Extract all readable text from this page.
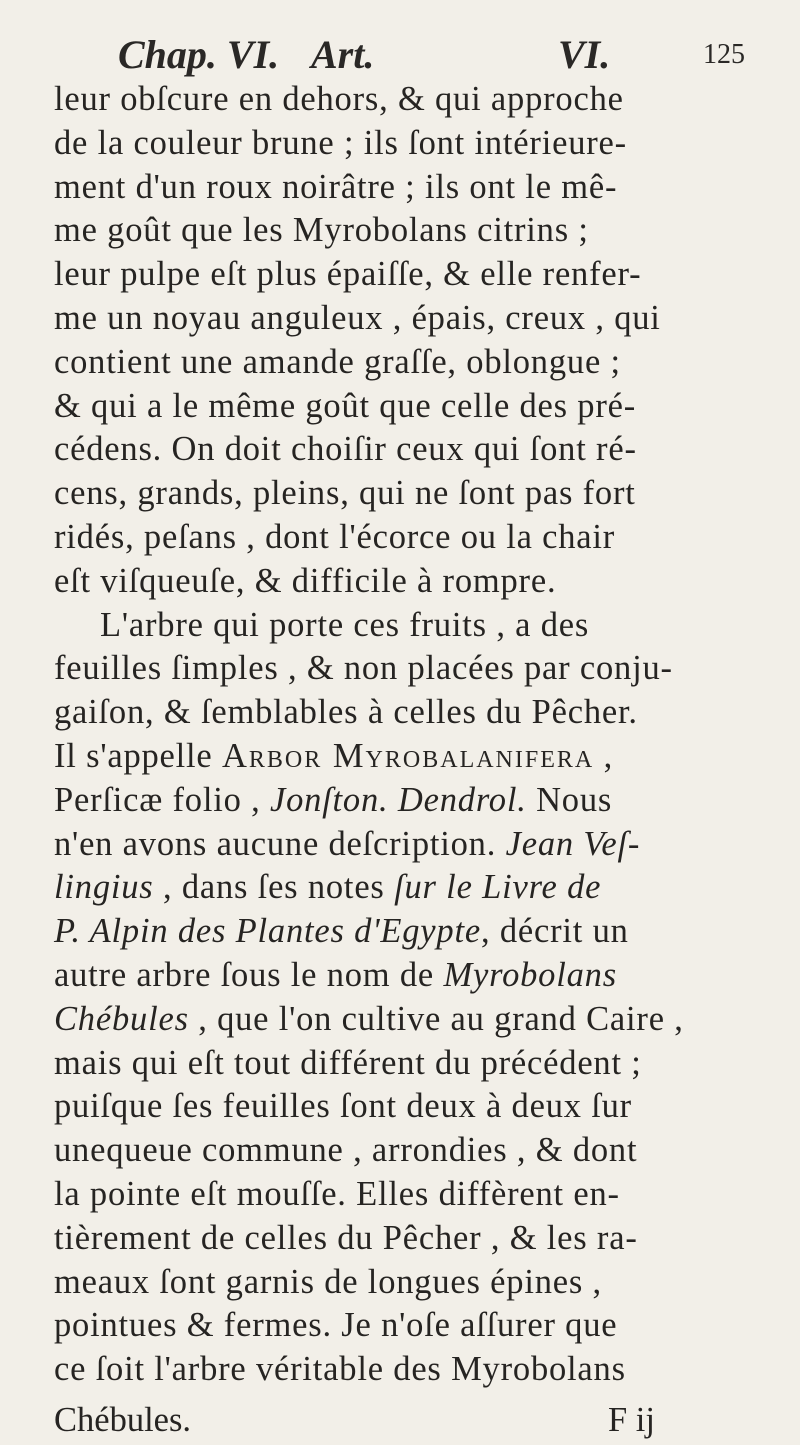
Chap. VI. Art.	VI.	125
leur obſcure en dehors, & qui approche
de la couleur brune ; ils ſont intérieure-
ment d'un roux noirâtre ; ils ont le mê-
me goût que les Myrobolans citrins ;
leur pulpe eſt plus épaiſſe, & elle renfer-
me un noyau anguleux , épais, creux , qui
contient une amande graſſe, oblongue ;
& qui a le même goût que celle des pré-
cédens. On doit choiſir ceux qui ſont ré-
cens, grands, pleins, qui ne ſont pas fort
ridés, peſans , dont l'écorce ou la chair
eſt viſqueuſe, & difficile à rompre.
L'arbre qui porte ces fruits , a des
feuilles ſimples , & non placées par conju-
gaiſon, & ſemblables à celles du Pêcher.
Il s'appelle Arbor Myrobalanifera ,
Perſicæ folio , Jonſton. Dendrol. Nous
n'en avons aucune deſcription. Jean Veſ-
lingius , dans ſes notes ſur le Livre de
P. Alpin des Plantes d'Egypte, décrit un
autre arbre ſous le nom de Myrobolans
Chébules , que l'on cultive au grand Caire ,
mais qui eſt tout différent du précédent ;
puiſque ſes feuilles ſont deux à deux ſur
unequeue commune , arrondies , & dont
la pointe eſt mouſſe. Elles diffèrent en-
tièrement de celles du Pêcher , & les ra-
meaux ſont garnis de longues épines ,
pointues & fermes. Je n'oſe aſſurer que
ce ſoit l'arbre véritable des Myrobolans
Chébules.	F ij
